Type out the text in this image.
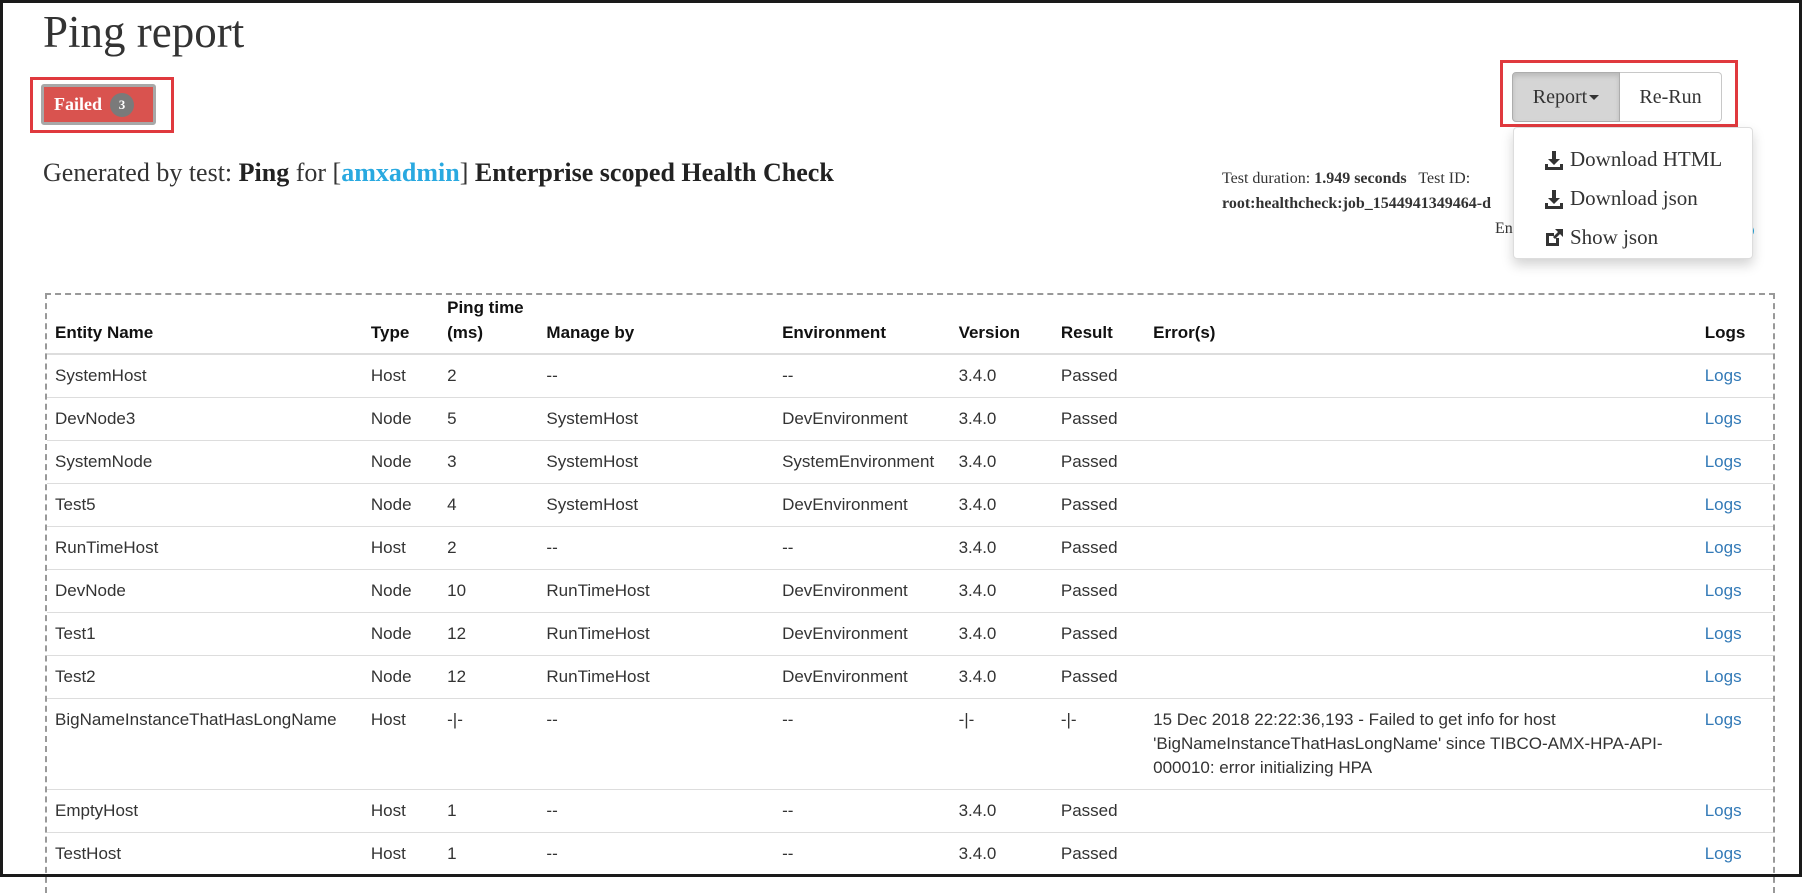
Ping report
Failed	3
Generated by test: Ping for [amxadmin] Enterprise scoped Health Check	Test duration: 1.949 seconds Test ID:
root:healthcheck:job_1544941349464-d
En
Report	Re-Run
Download HTML
Download json
Show json
Entity Name	Type	Ping time (ms)	Manage by	Environment	Version	Result	Error(s)	Logs
SystemHost	Host	2	--	--	3.4.0	Passed		Logs
DevNode3	Node	5	SystemHost	DevEnvironment	3.4.0	Passed		Logs
SystemNode	Node	3	SystemHost	SystemEnvironment	3.4.0	Passed		Logs
Test5	Node	4	SystemHost	DevEnvironment	3.4.0	Passed		Logs
RunTimeHost	Host	2	--	--	3.4.0	Passed		Logs
DevNode	Node	10	RunTimeHost	DevEnvironment	3.4.0	Passed		Logs
Test1	Node	12	RunTimeHost	DevEnvironment	3.4.0	Passed		Logs
Test2	Node	12	RunTimeHost	DevEnvironment	3.4.0	Passed		Logs
BigNameInstanceThatHasLongName	Host	-|-	--	--	-|-	-|-	15 Dec 2018 22:22:36,193 - Failed to get info for host 'BigNameInstanceThatHasLongName' since TIBCO-AMX-HPA-API-000010: error initializing HPA	Logs
EmptyHost	Host	1	--	--	3.4.0	Passed		Logs
TestHost	Host	1	--	--	3.4.0	Passed		Logs
